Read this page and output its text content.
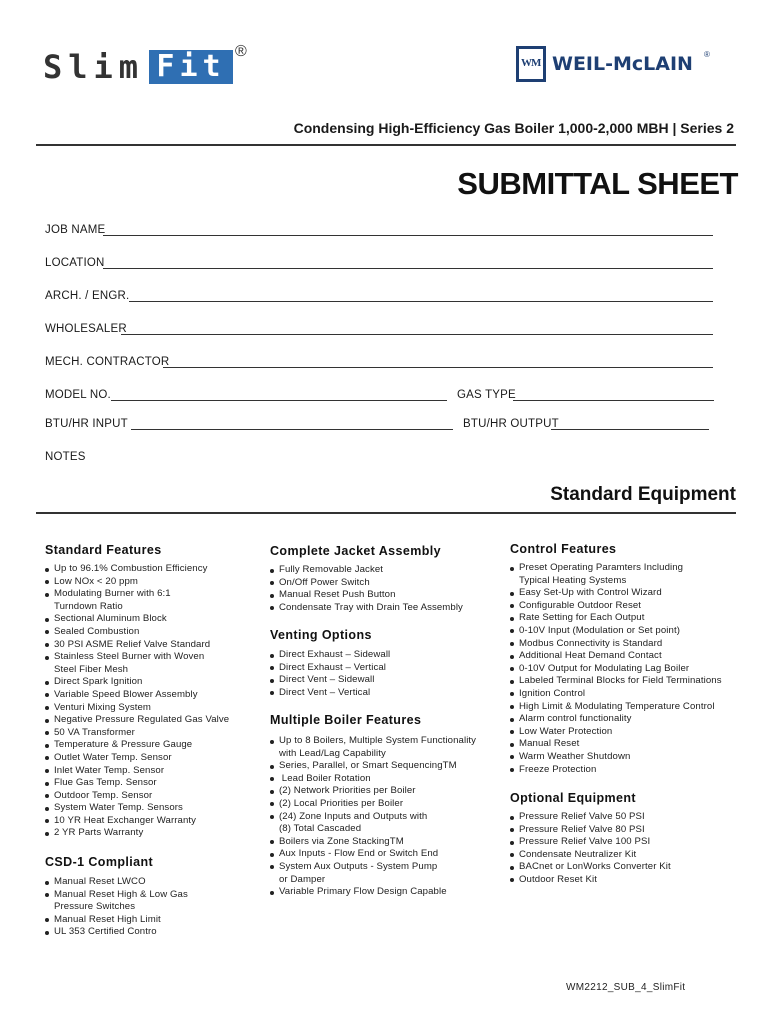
Slim Fit ®
WM WEIL-McLAIN ®
Condensing High-Efficiency Gas Boiler 1,000-2,000 MBH | Series 2
SUBMITTAL SHEET
JOB NAME
LOCATION
ARCH. / ENGR.
WHOLESALER
MECH. CONTRACTOR
MODEL NO.	GAS TYPE
BTU/HR INPUT	BTU/HR OUTPUT
NOTES
Standard Equipment
Standard Features
Up to 96.1% Combustion Efficiency
Low NOx < 20 ppm
Modulating Burner with 6:1
Turndown Ratio
Sectional Aluminum Block
Sealed Combustion
30 PSI ASME Relief Valve Standard
Stainless Steel Burner with Woven
Steel Fiber Mesh
Direct Spark Ignition
Variable Speed Blower Assembly
Venturi Mixing System
Negative Pressure Regulated Gas Valve
50 VA Transformer
Temperature & Pressure Gauge
Outlet Water Temp. Sensor
Inlet Water Temp. Sensor
Flue Gas Temp. Sensor
Outdoor Temp. Sensor
System Water Temp. Sensors
10 YR Heat Exchanger Warranty
2 YR Parts Warranty
CSD-1 Compliant
Manual Reset LWCO
Manual Reset High & Low Gas
Pressure Switches
Manual Reset High Limit
UL 353 Certified Contro
Complete Jacket Assembly
Fully Removable Jacket
On/Off Power Switch
Manual Reset Push Button
Condensate Tray with Drain Tee Assembly
Venting Options
Direct Exhaust – Sidewall
Direct Exhaust – Vertical
Direct Vent – Sidewall
Direct Vent – Vertical
Multiple Boiler Features
Up to 8 Boilers, Multiple System Functionality
with Lead/Lag Capability
Series, Parallel, or Smart SequencingTM
Lead Boiler Rotation
(2) Network Priorities per Boiler
(2) Local Priorities per Boiler
(24) Zone Inputs and Outputs with
(8) Total Cascaded
Boilers via Zone StackingTM
Aux Inputs - Flow End or Switch End
System Aux Outputs - System Pump
or Damper
Variable Primary Flow Design Capable
Control Features
Preset Operating Paramters Including
Typical Heating Systems
Easy Set-Up with Control Wizard
Configurable Outdoor Reset
Rate Setting for Each Output
0-10V Input (Modulation or Set point)
Modbus Connectivity is Standard
Additional Heat Demand Contact
0-10V Output for Modulating Lag Boiler
Labeled Terminal Blocks for Field Terminations
Ignition Control
High Limit & Modulating Temperature Control
Alarm control functionality
Low Water Protection
Manual Reset
Warm Weather Shutdown
Freeze Protection
Optional Equipment
Pressure Relief Valve 50 PSI
Pressure Relief Valve 80 PSI
Pressure Relief Valve 100 PSI
Condensate Neutralizer Kit
BACnet or LonWorks Converter Kit
Outdoor Reset Kit
WM2212_SUB_4_SlimFit
